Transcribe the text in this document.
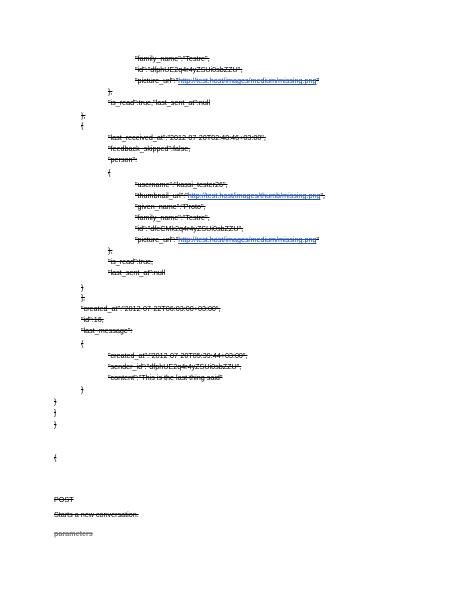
"family_name":"Testre",
"id":"dfphUE2q4r4yZSUi0sbZZU",
"picture_url":"http://test.host/images/medium/missing.png"
},
"is_read":true,"last_sent_at":null
},
{
"last_received_at":"2012-07-20T02:48:46+03:00",
"feedback_skipped":false,
"person":
{
"username":"kassi_tester26",
"thumbnail_url":"http://test.host/images/thumb/missing.png",
"given_name":"Proto",
"family_name":"Testre",
"id":"dfeCMk2q4r4yZSUi0sbZZU",
"picture_url":"http://test.host/images/medium/missing.png"
},
"is_read":true,
"last_sent_at":null
}
],
"created_at":"2012-07-22T06:03:00+03:00",
"id":16,
"last_message":
{
"created_at":"2012-07-20T05:39:44+03:00",
"sender_id":"dfphUE2q4r4yZSUi0sbZZU",
"content":"This is the last thing said"
}
}
]
}
{
POST
Starts a new conversation.
parameters
